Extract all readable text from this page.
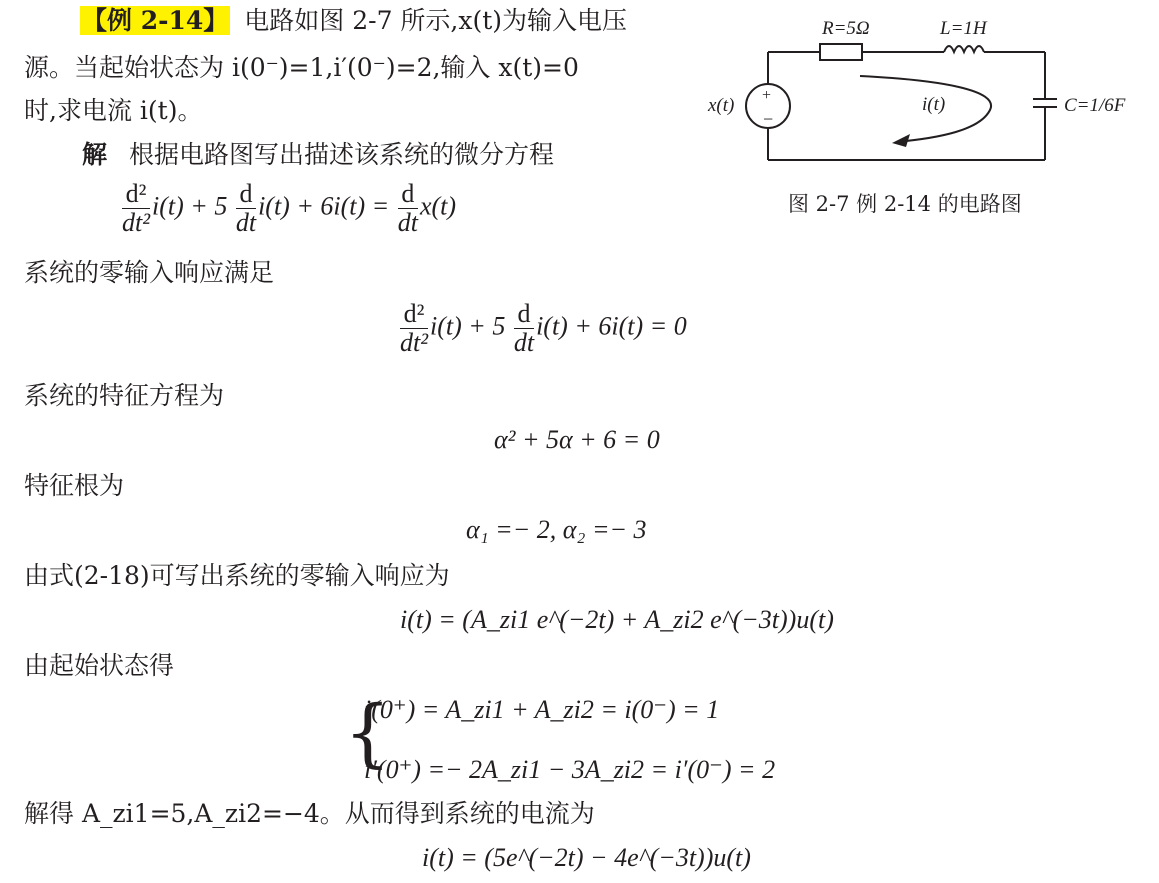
【例 2-14】 电路如图 2-7 所示,x(t)为输入电压
源。当起始状态为 i(0⁻)=1,i′(0⁻)=2,输入 x(t)=0
时,求电流 i(t)。
解 根据电路图写出描述该系统的微分方程
$\frac{\text{d²}}{\text{dt²}} i(t) + 5 \frac{d}{dt} i(t) + 6i(t) = \frac{d}{dt} x(t)$
系统的零输入响应满足
$\frac{\text{d²}}{\text{dt²}} i(t) + 5 \frac{d}{dt} i(t) + 6i(t) = 0$
系统的特征方程为
α² + 5α + 6 = 0
特征根为
α₁ =− 2, α₂ =− 3
由式(2-18)可写出系统的零输入响应为
i(t) = (A_zi1 e^(−2t) + A_zi2 e^(−3t))u(t)
由起始状态得
{
i(0⁺) = A_zi1 + A_zi2 = i(0⁻) = 1
i′(0⁺) =− 2A_zi1 − 3A_zi2 = i′(0⁻) = 2
解得 A_zi1=5,A_zi2=−4。从而得到系统的电流为
i(t) = (5e^(−2t) − 4e^(−3t))u(t)
R=5Ω	L=1H
C=1/6F
x(t) +
−
i(t)
图 2-7 例 2-14 的电路图
